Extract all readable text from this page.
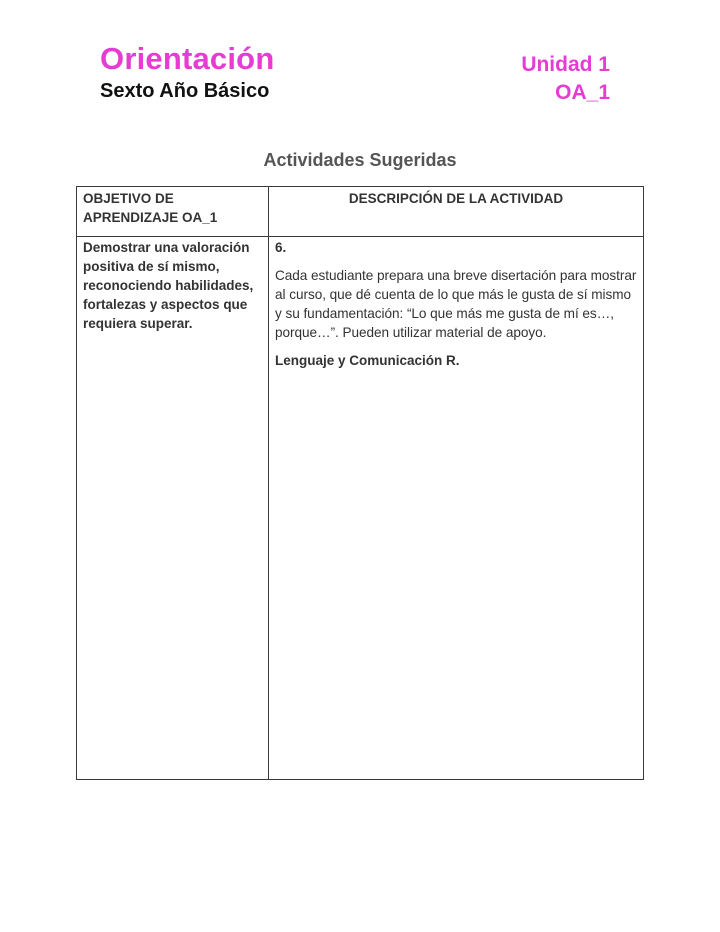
Orientación
Sexto Año Básico
Unidad 1
OA_1
Actividades Sugeridas
OBJETIVO DE APRENDIZAJE OA_1	DESCRIPCIÓN DE LA ACTIVIDAD
Demostrar una valoración positiva de sí mismo, reconociendo habilidades, fortalezas y aspectos que requiera superar.	6.
Cada estudiante prepara una breve disertación para mostrar al curso, que dé cuenta de lo que más le gusta de sí mismo y su fundamentación: “Lo que más me gusta de mí es…, porque…”. Pueden utilizar material de apoyo.
Lenguaje y Comunicación R.
